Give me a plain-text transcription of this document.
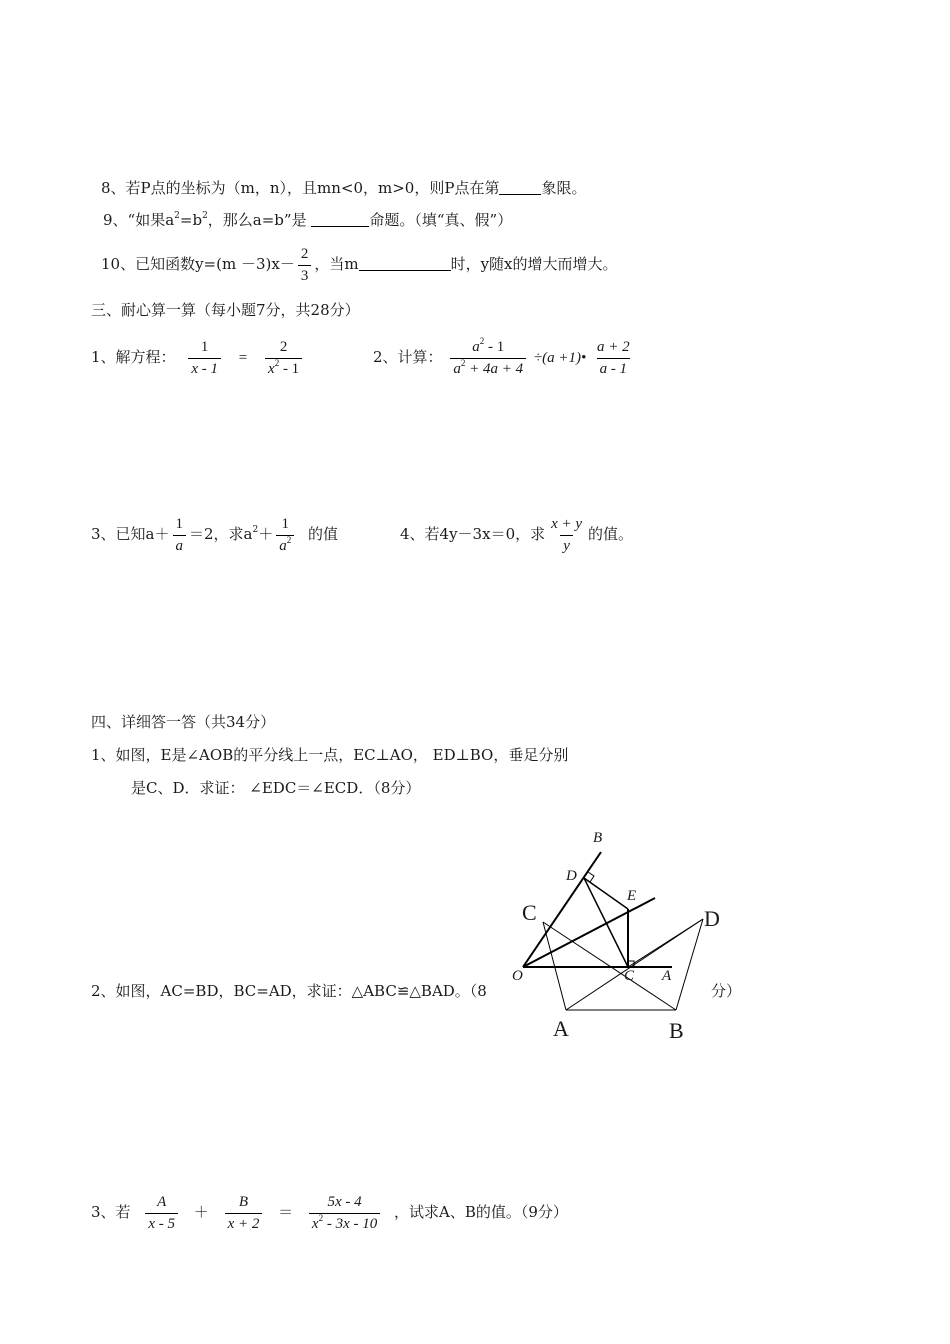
8、若P点的坐标为（m，n），且mn<0，m>0，则P点在第	象限。
9、“如果$a^2=b^2$，那么a=b”是	命题。（填“真、假”）
10、已知函数$y=(m -3)x- \frac{2}{3}$ ，当m	时，y随x的增大而增大。
三、耐心算一算（每小题7分，共28分）
1、解方程： $\frac{1}{x - 1} = \frac{2}{x^2 - 1}$	2、计算： $\frac{a^2 - 1}{a^2 + 4a + 4} \div(a$ +1)• $\frac{a + 2}{a - 1}$
3、已知$a+ \frac{1}{a} =2$，求$a^2+ \frac{1}{a^2}$ 的值	4、若4y－3x＝0，求 $\frac{x + y}{y}$ 的值。
四、详细答一答（共34分）
1、如图，E是∠AOB的平分线上一点，EC⊥AO， ED⊥BO，垂足分别
是C、D．求证： ∠EDC＝∠ECD．（8分）
B
D
E
O	C A
C	D
A	B
2、如图，AC=BD，BC=AD，求证：△ABC≌△BAD。（8	分）
3、若 $\frac{A}{x - 5} + \frac{B}{x + 2} = \frac{5x - 4}{x^2 - 3x - 10}$ ，试求A、B的值。（9分）
